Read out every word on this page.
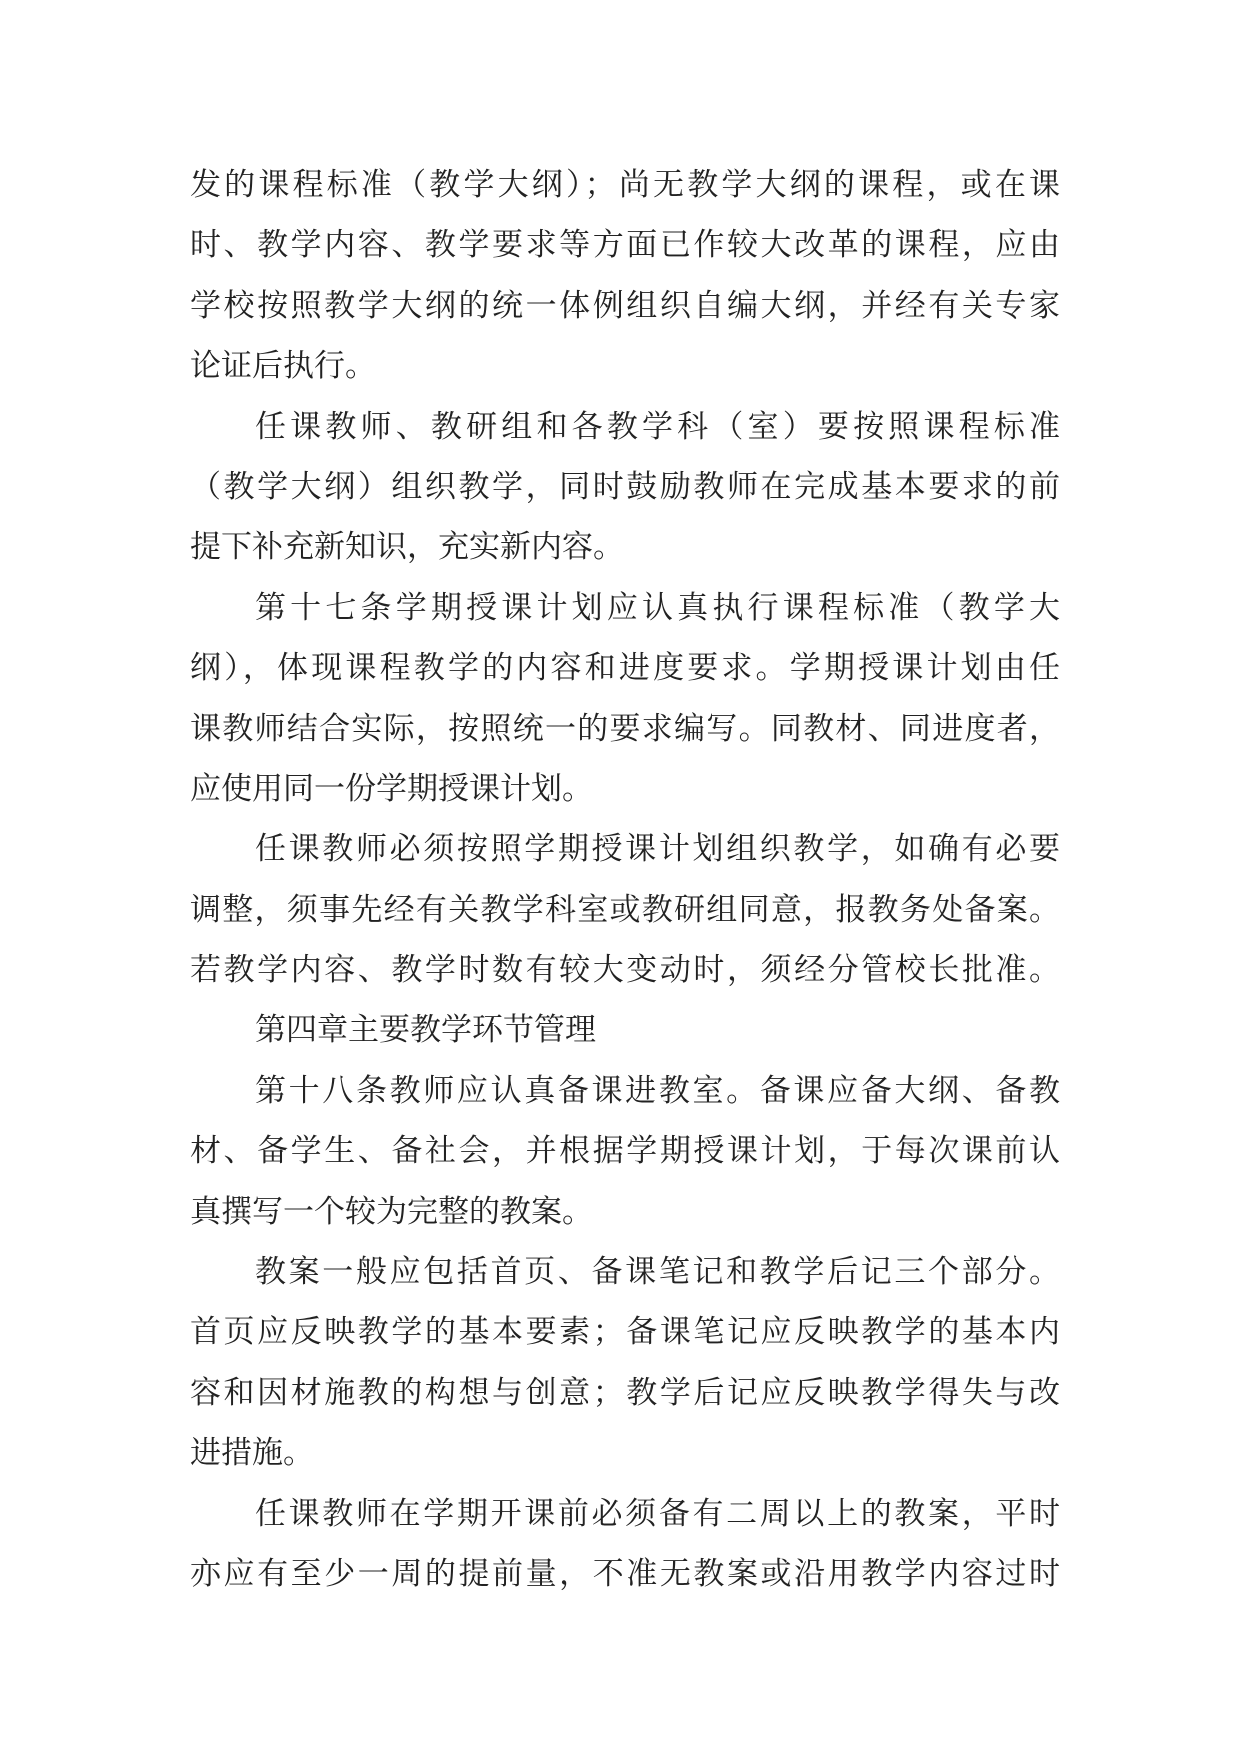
发的课程标准（教学大纲）；尚无教学大纲的课程，或在课
时、教学内容、教学要求等方面已作较大改革的课程，应由
学校按照教学大纲的统一体例组织自编大纲，并经有关专家
论证后执行。
任课教师、教研组和各教学科（室）要按照课程标准
（教学大纲）组织教学，同时鼓励教师在完成基本要求的前
提下补充新知识，充实新内容。
第十七条学期授课计划应认真执行课程标准（教学大
纲），体现课程教学的内容和进度要求。学期授课计划由任
课教师结合实际，按照统一的要求编写。同教材、同进度者，
应使用同一份学期授课计划。
任课教师必须按照学期授课计划组织教学，如确有必要
调整，须事先经有关教学科室或教研组同意，报教务处备案。
若教学内容、教学时数有较大变动时，须经分管校长批准。
第四章主要教学环节管理
第十八条教师应认真备课进教室。备课应备大纲、备教
材、备学生、备社会，并根据学期授课计划，于每次课前认
真撰写一个较为完整的教案。
教案一般应包括首页、备课笔记和教学后记三个部分。
首页应反映教学的基本要素；备课笔记应反映教学的基本内
容和因材施教的构想与创意；教学后记应反映教学得失与改
进措施。
任课教师在学期开课前必须备有二周以上的教案，平时
亦应有至少一周的提前量，不准无教案或沿用教学内容过时
